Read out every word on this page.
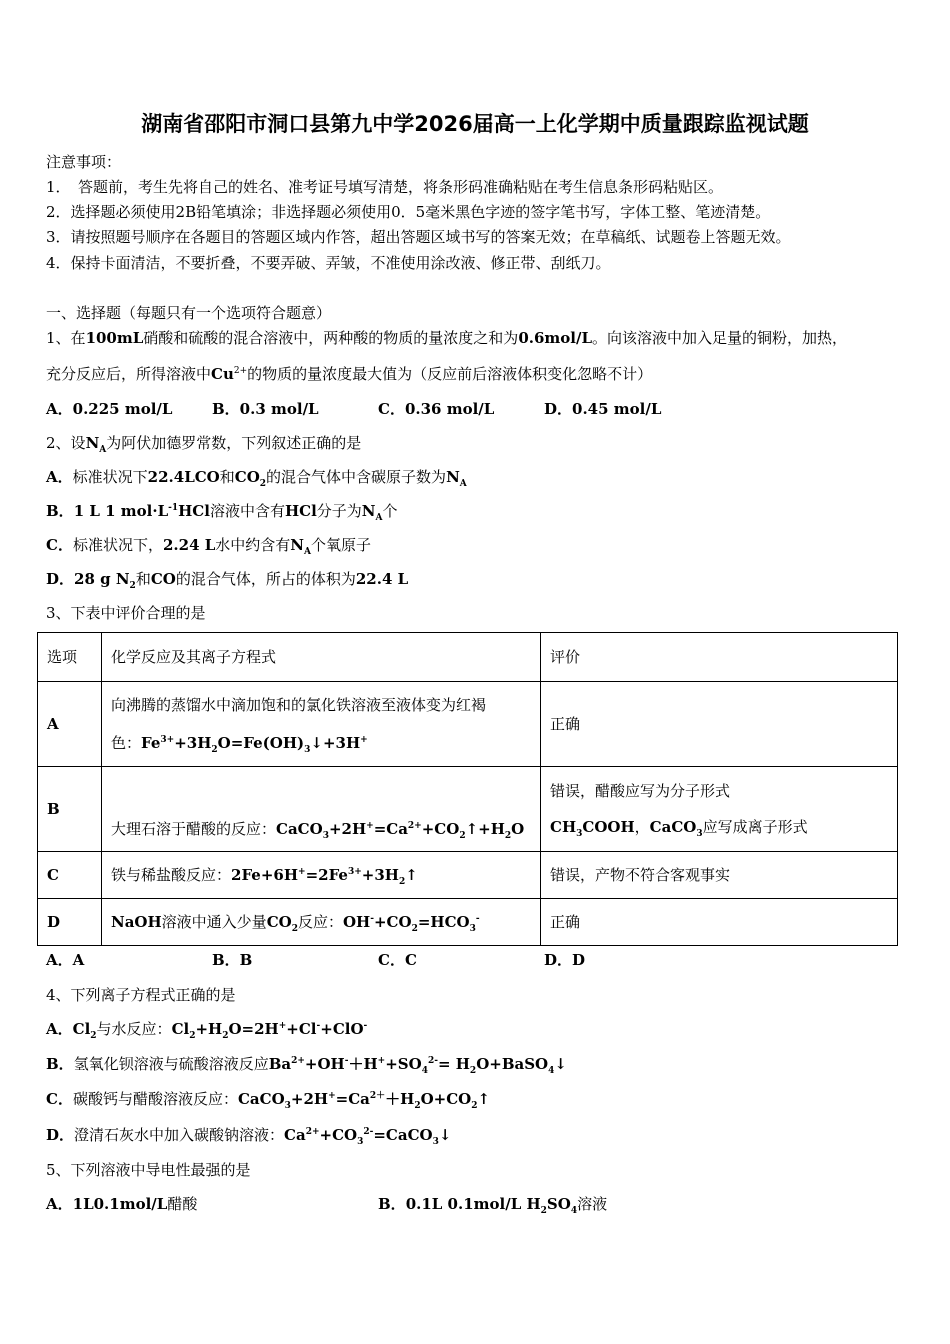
湖南省邵阳市洞口县第九中学2026届高一上化学期中质量跟踪监视试题
注意事项：
1．　答题前，考生先将自己的姓名、准考证号填写清楚，将条形码准确粘贴在考生信息条形码粘贴区。
2．选择题必须使用2B铅笔填涂；非选择题必须使用0．5毫米黑色字迹的签字笔书写，字体工整、笔迹清楚。
3．请按照题号顺序在各题目的答题区域内作答，超出答题区域书写的答案无效；在草稿纸、试题卷上答题无效。
4．保持卡面清洁，不要折叠，不要弄破、弄皱，不准使用涂改液、修正带、刮纸刀。
一、选择题（每题只有一个选项符合题意）
1、在100mL硝酸和硫酸的混合溶液中，两种酸的物质的量浓度之和为0.6mol/L。向该溶液中加入足量的铜粉，加热，
充分反应后，所得溶液中$Cu^{2+}$的物质的量浓度最大值为（反应前后溶液体积变化忽略不计）
A．0.225 mol/L	B．0.3 mol/L	C．0.36 mol/L	D．0.45 mol/L
2、设$N_A$为阿伏加德罗常数，下列叙述正确的是
A．标准状况下22.4LCO和$CO_2$的混合气体中含碳原子数为$N_A$
B．1 L 1 $mol\cdot L^{-1}HCl$溶液中含有HCl分子为$N_A$个
C．标准状况下，2.24 L水中约含有$N_A$个氧原子
D．28 g $N_2$和CO的混合气体，所占的体积为22.4 L
3、下表中评价合理的是
选项	化学反应及其离子方程式	评价
A	向沸腾的蒸馏水中滴加饱和的氯化铁溶液至液体变为红褐
色：$Fe^{3+}+3H_2O=Fe(OH)_3↓+3H^+$	正确
B	大理石溶于醋酸的反应：$CaCO_3+2H^+=Ca^{2+}+CO_2↑+H_2O$	错误，醋酸应写为分子形式
$CH_3COOH$，CaCO$_3$应写成离子形式

C	铁与稀盐酸反应：$2Fe+6H^+=2Fe^{3+}+3H_2↑$	错误，产物不符合客观事实
D	NaOH溶液中通入少量$CO_2$反应：$OH^-+CO_2=HCO_3^-$	正确
A．A	B．B	C．C	D．D
4、下列离子方程式正确的是
A．$Cl_2$与水反应：$Cl_2+H_2O=2H^++Cl^-+ClO^-$
B．氢氧化钡溶液与硫酸溶液反应$Ba^{2+}+OH^-+H^++SO_4^{2-}=$ $H_2O+BaSO_4↓$
C．碳酸钙与醋酸溶液反应：$CaCO_3+2H^+=Ca^{2+}+H_2O+CO_2↑$
D．澄清石灰水中加入碳酸钠溶液：$Ca^{2+}+CO_3^{2-}=CaCO_3↓$
5、下列溶液中导电性最强的是
A．1L0.1mol/L醋酸	B．0.1L 0.1mol/L $H_2SO_4$溶液
